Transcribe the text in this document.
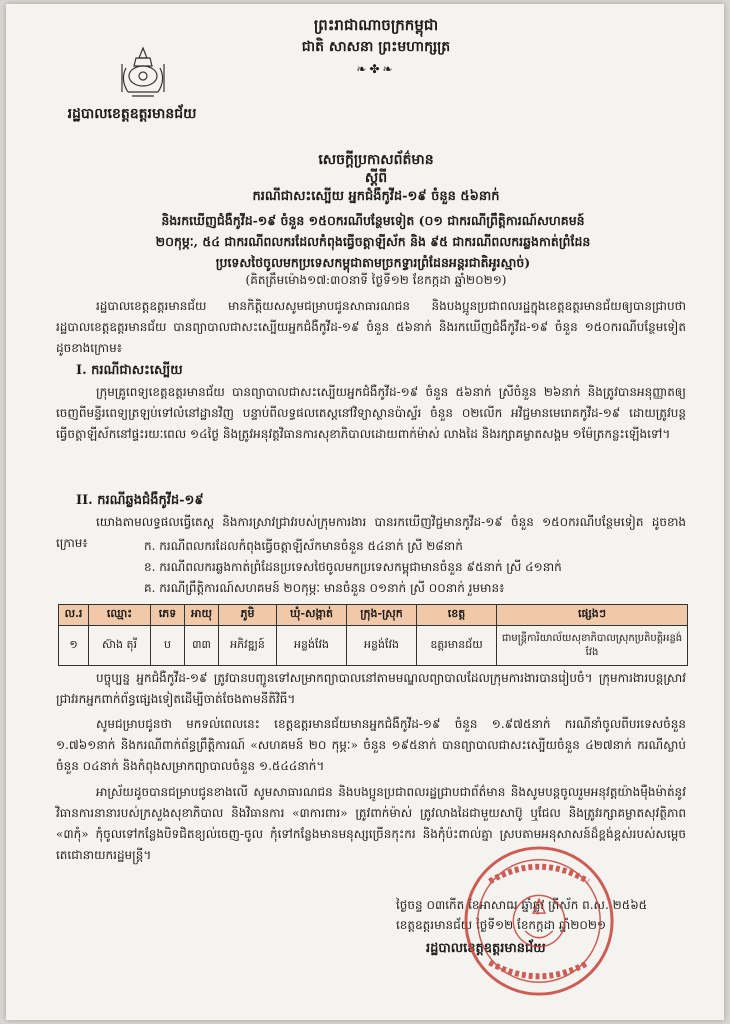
ព្រះរាជាណាចក្រកម្ពុជា
ជាតិ សាសនា ព្រះមហាក្សត្រ
❧✤❧
រដ្ឋបាលខេត្តឧត្តរមានជ័យ
សេចក្តីប្រកាសព័ត៌មាន
ស្តីពី
ករណីជាសះស្បើយ អ្នកជំងឺកូវីដ-១៩ ចំនួន ៥៦នាក់
និងរកឃើញជំងឺកូវីដ-១៩ ចំនួន ១៥០ករណីបន្ថែមទៀត (០១ ជាករណីព្រឹត្តិការណ៍សហគមន៍
២០កុម្ភៈ, ៥៤ ជាករណីពលករដែលកំពុងធ្វើចត្តាឡីស័ក និង ៩៥ ជាករណីពលករឆ្លងកាត់ព្រំដែន
ប្រទេសថៃចូលមកប្រទេសកម្ពុជាតាមច្រកទ្វារព្រំដែនអន្តរជាតិអូរស្មាច់)
(គិតត្រឹមម៉ោង១៧:៣០នាទី ថ្ងៃទី១២ ខែកក្កដា ឆ្នាំ២០២១)
រដ្ឋបាលខេត្តឧត្តរមានជ័យ មានកិត្តិយសសូមជម្រាបជូនសាធារណជន និងបងប្អូនប្រជាពលរដ្ឋក្នុងខេត្តឧត្តរមានជ័យឲ្យបានជ្រាបថា រដ្ឋបាលខេត្តឧត្តរមានជ័យ បានព្យាបាលជាសះស្បើយអ្នកជំងឺកូវីដ-១៩ ចំនួន ៥៦នាក់ និងរកឃើញជំងឺកូវីដ-១៩ ចំនួន ១៥០ករណីបន្ថែមទៀត ដូចខាងក្រោម៖
I. ករណីជាសះស្បើយ
ក្រុមគ្រូពេទ្យខេត្តឧត្តរមានជ័យ បានព្យាបាលជាសះស្បើយអ្នកជំងឺកូវីដ-១៩ ចំនួន ៥៦នាក់ ស្រីចំនួន ២៦នាក់ និងត្រូវបានអនុញ្ញាតឲ្យចេញពីមន្ទីរពេទ្យត្រឡប់ទៅលំនៅដ្ឋានវិញ បន្ទាប់ពីលទ្ធផលតេស្តនៅវិទ្យាស្ថានប៉ាស្ទ័រ ចំនួន ០២លើក អវិជ្ជមានមេរោគកូវីដ-១៩ ដោយត្រូវបន្តធ្វើចត្តាឡីស័កនៅផ្ទះរយៈពេល ១៤ថ្ងៃ និងត្រូវអនុវត្តវិធានការសុខាភិបាលដោយពាក់ម៉ាស់ លាងដៃ និងរក្សាគម្លាតសង្គម ១ម៉ែត្រកន្លះឡើងទៅ។
II. ករណីឆ្លងជំងឺកូវីដ-១៩
យោងតាមលទ្ធផលធ្វើតេស្ត និងការស្រាវជ្រាវរបស់ក្រុមការងារ បានរកឃើញវិជ្ជមានកូវីដ-១៩ ចំនួន ១៥០ករណីបន្ថែមទៀត ដូចខាងក្រោម៖	ក. ករណីពលករដែលកំពុងធ្វើចត្តាឡីស័កមានចំនួន ៥៤នាក់ ស្រី ២៨នាក់
ខ. ករណីពលករឆ្លងកាត់ព្រំដែនប្រទេសថៃចូលមកប្រទេសកម្ពុជាមានចំនួន ៩៥នាក់ ស្រី ៤១នាក់
គ. ករណីព្រឹត្តិការណ៍សហគមន៍ ២០កុម្ភៈ មានចំនួន ០១នាក់ ស្រី ០០នាក់ រួមមាន៖
ល.រ	ឈ្មោះ	ភេទ	អាយុ	ភូមិ	ឃុំ-សង្កាត់	ក្រុង-ស្រុក	ខេត្ត	ផ្សេងៗ
១	ស៊ាង តុរី	ប	៣៣	អភិវឌ្ឍន៍	អន្លង់វែង	អន្លង់វែង	ឧត្តរមានជ័យ	ជាមន្ត្រីការិយាល័យសុខាភិបាលស្រុកប្រតិបត្តិអន្លង់វែង
បច្ចុប្បន្ន អ្នកជំងឺកូវីដ-១៩ ត្រូវបានបញ្ជូនទៅសម្រាកព្យាបាលនៅតាមមណ្ឌលព្យាបាលដែលក្រុមការងារបានរៀបចំ។ ក្រុមការងារបន្តស្រាវជ្រាវរកអ្នកពាក់ព័ន្ធផ្សេងទៀតដើម្បីចាត់ចែងតាមនីតិវិធី។
សូមជម្រាបជូនថា មកទល់ពេលនេះ ខេត្តឧត្តរមានជ័យមានអ្នកជំងឺកូវីដ-១៩ ចំនួន ១.៩៧៥នាក់ ករណីនាំចូលពីបរទេសចំនួន ១.៧៦១នាក់ និងករណីពាក់ព័ន្ធព្រឹត្តិការណ៍ «សហគមន៍ ២០ កុម្ភៈ» ចំនួន ១៩៥នាក់ បានព្យាបាលជាសះស្បើយចំនួន ៤២៧នាក់ ករណីស្លាប់ចំនួន ០៤នាក់ និងកំពុងសម្រាកព្យាបាលចំនួន ១.៥៤៤នាក់។
អាស្រ័យដូចបានជម្រាបជូនខាងលើ សូមសាធារណជន និងបងប្អូនប្រជាពលរដ្ឋជ្រាបជាព័ត៌មាន និងសូមបន្តចូលរួមអនុវត្តយ៉ាងម៉ឺងម៉ាត់នូវវិធានការនានារបស់ក្រសួងសុខាភិបាល និងវិធានការ «៣ការពារ» ត្រូវពាក់ម៉ាស់ ត្រូវលាងដៃជាមួយសាប៊ូ ឬជែល និងត្រូវរក្សាគម្លាតសុវត្ថិភាព «៣កុំ» កុំចូលទៅកន្លែងបិទជិតខ្យល់ចេញ-ចូល កុំទៅកន្លែងមានមនុស្សច្រើនកុះករ និងកុំប៉ះពាល់គ្នា ស្របតាមអនុសាសន៍ដ៏ខ្ពង់ខ្ពស់របស់សម្តេចតេជោនាយករដ្ឋមន្ត្រី។
ថ្ងៃចន្ទ ០៣កើត ខែអាសាឍ ឆ្នាំឆ្លូវ ត្រីស័ក ព.ស. ២៥៦៥
ខេត្តឧត្តរមានជ័យ ថ្ងៃទី១២ ខែកក្កដា ឆ្នាំ២០២១
រដ្ឋបាលខេត្តឧត្តរមានជ័យ
